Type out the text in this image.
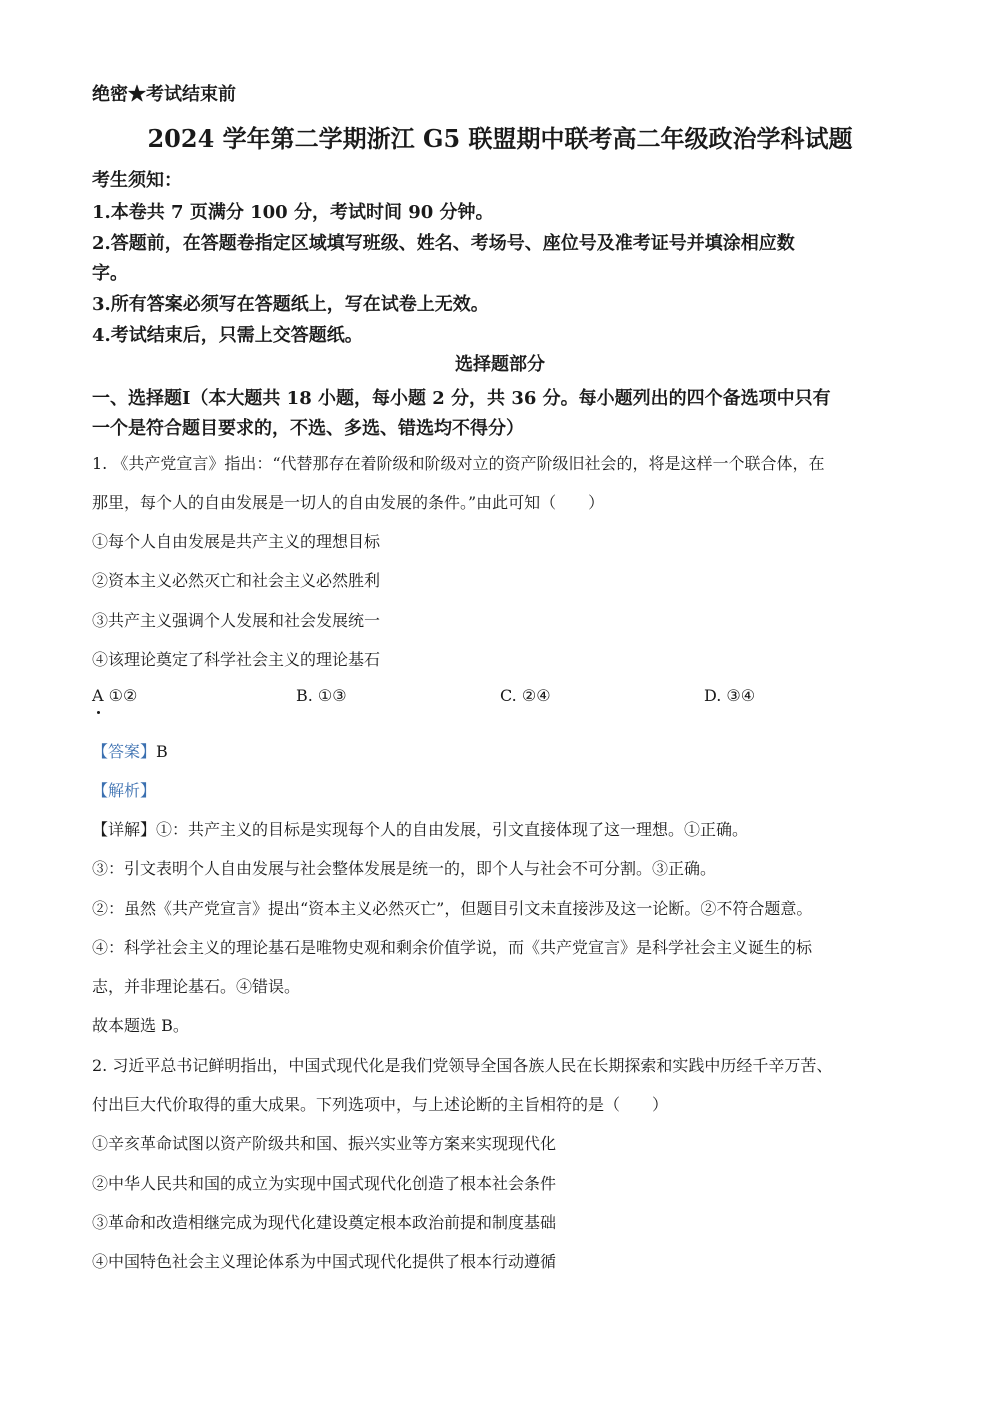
绝密★考试结束前
2024 学年第二学期浙江 G5 联盟期中联考高二年级政治学科试题
考生须知：
1.本卷共 7 页满分 100 分，考试时间 90 分钟。
2.答题前，在答题卷指定区域填写班级、姓名、考场号、座位号及准考证号并填涂相应数
字。
3.所有答案必须写在答题纸上，写在试卷上无效。
4.考试结束后，只需上交答题纸。
选择题部分
一、选择题Ⅰ（本大题共 18 小题，每小题 2 分，共 36 分。每小题列出的四个备选项中只有
一个是符合题目要求的，不选、多选、错选均不得分）
1. 《共产党宣言》指出：“代替那存在着阶级和阶级对立的资产阶级旧社会的，将是这样一个联合体，在
那里，每个人的自由发展是一切人的自由发展的条件。”由此可知（　　）
①每个人自由发展是共产主义的理想目标
②资本主义必然灭亡和社会主义必然胜利
③共产主义强调个人发展和社会发展统一
④该理论奠定了科学社会主义的理论基石
A ①②	B. ①③	C. ②④	D. ③④
【答案】B
【解析】
【详解】①：共产主义的目标是实现每个人的自由发展，引文直接体现了这一理想。①正确。
③：引文表明个人自由发展与社会整体发展是统一的，即个人与社会不可分割。③正确。
②：虽然《共产党宣言》提出“资本主义必然灭亡”，但题目引文未直接涉及这一论断。②不符合题意。
④：科学社会主义的理论基石是唯物史观和剩余价值学说，而《共产党宣言》是科学社会主义诞生的标
志，并非理论基石。④错误。
故本题选 B。
2. 习近平总书记鲜明指出，中国式现代化是我们党领导全国各族人民在长期探索和实践中历经千辛万苦、
付出巨大代价取得的重大成果。下列选项中，与上述论断的主旨相符的是（　　）
①辛亥革命试图以资产阶级共和国、振兴实业等方案来实现现代化
②中华人民共和国的成立为实现中国式现代化创造了根本社会条件
③革命和改造相继完成为现代化建设奠定根本政治前提和制度基础
④中国特色社会主义理论体系为中国式现代化提供了根本行动遵循
